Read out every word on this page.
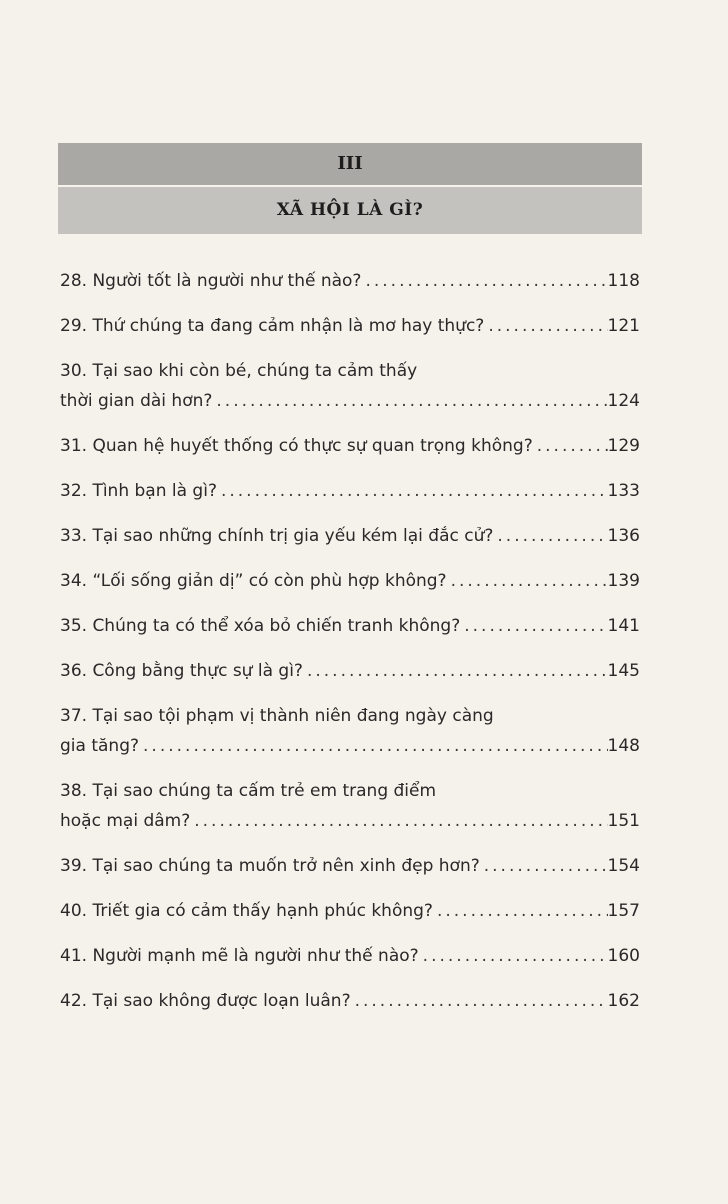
III
XÃ HỘI LÀ GÌ?
28. Người tốt là người như thế nào? .....	118
29. Thứ chúng ta đang cảm nhận là mơ hay thực? .....	121
30. Tại sao khi còn bé, chúng ta cảm thấy
thời gian dài hơn? .....	124
31. Quan hệ huyết thống có thực sự quan trọng không? .....	129
32. Tình bạn là gì? .....	133
33. Tại sao những chính trị gia yếu kém lại đắc cử? .....	136
34. “Lối sống giản dị” có còn phù hợp không? .....	139
35. Chúng ta có thể xóa bỏ chiến tranh không? .....	141
36. Công bằng thực sự là gì? .....	145
37. Tại sao tội phạm vị thành niên đang ngày càng
gia tăng? .....	148
38. Tại sao chúng ta cấm trẻ em trang điểm
hoặc mại dâm? .....	151
39. Tại sao chúng ta muốn trở nên xinh đẹp hơn? .....	154
40. Triết gia có cảm thấy hạnh phúc không? .....	157
41. Người mạnh mẽ là người như thế nào? .....	160
42. Tại sao không được loạn luân? .....	162
